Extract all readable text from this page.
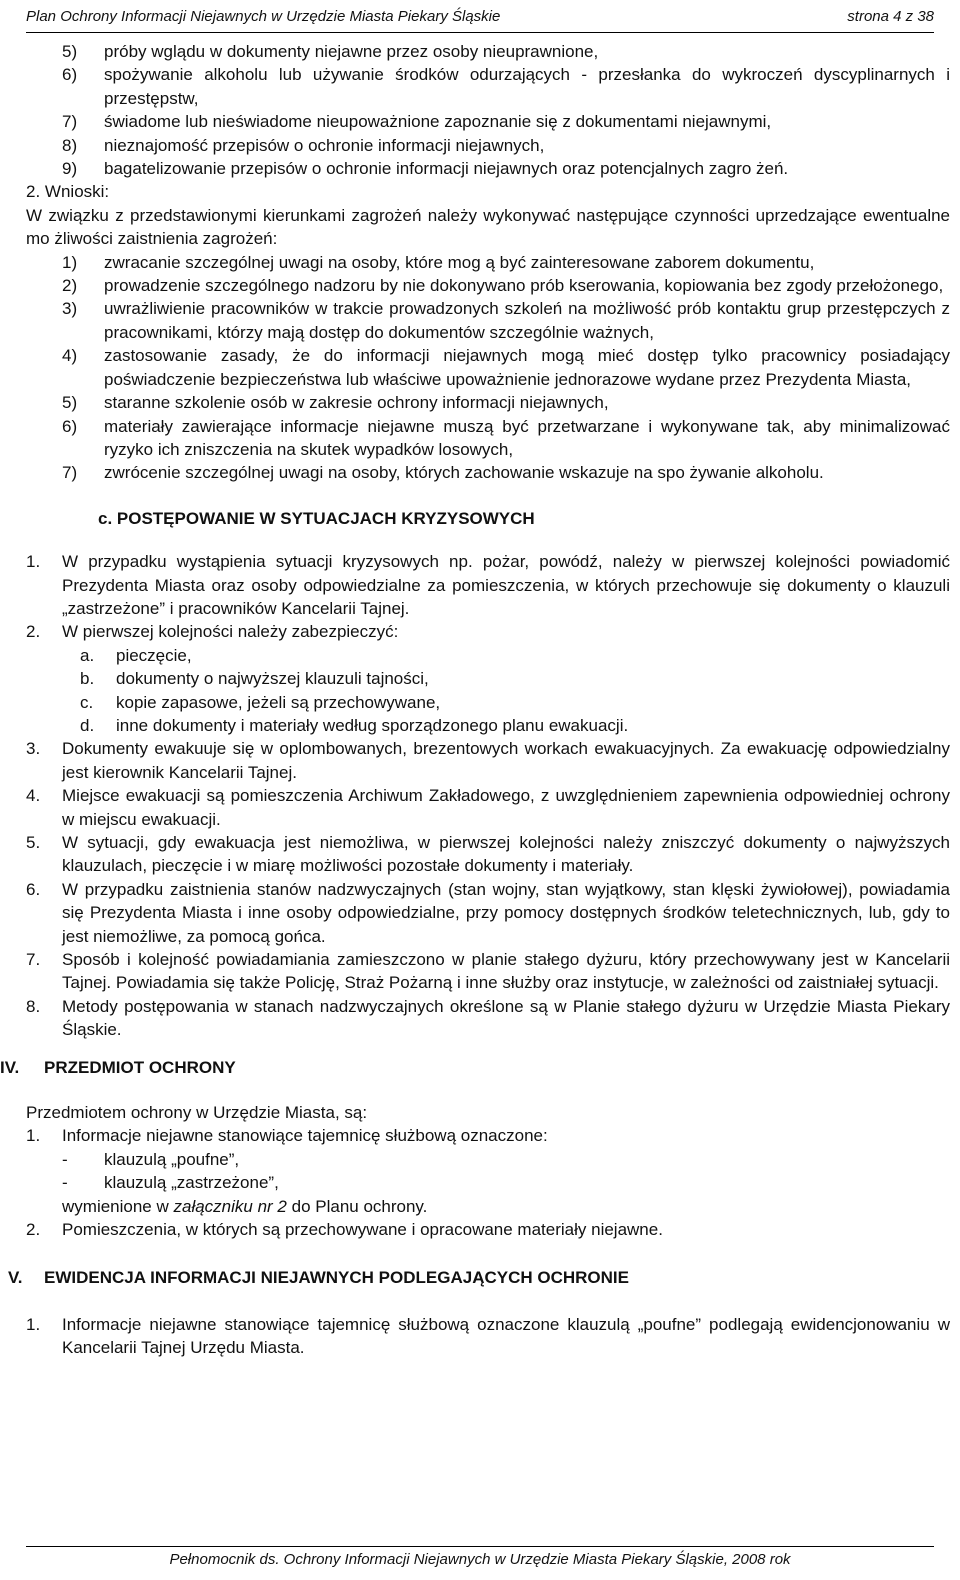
Plan Ochrony Informacji Niejawnych w Urzędzie Miasta Piekary Śląskie	strona 4 z 38
5) próby wglądu w dokumenty niejawne przez osoby nieuprawnione,
6) spożywanie alkoholu lub używanie środków odurzających - przesłanka do wykroczeń dyscyplinarnych i przestępstw,
7) świadome lub nieświadome nieupoważnione zapoznanie się z dokumentami niejawnymi,
8) nieznajomość przepisów o ochronie informacji niejawnych,
9) bagatelizowanie przepisów o ochronie informacji niejawnych oraz potencjalnych zagro żeń.
2. Wnioski:
W związku z przedstawionymi kierunkami zagrożeń należy wykonywać następujące czynności uprzedzające ewentualne mo żliwości zaistnienia zagrożeń:
1) zwracanie szczególnej uwagi na osoby, które mog ą być zainteresowane zaborem dokumentu,
2) prowadzenie szczególnego nadzoru by nie dokonywano prób kserowania, kopiowania bez zgody przełożonego,
3) uwrażliwienie pracowników w trakcie prowadzonych szkoleń na możliwość prób kontaktu grup przestępczych z pracownikami, którzy mają dostęp do dokumentów szczególnie ważnych,
4) zastosowanie zasady, że do informacji niejawnych mogą mieć dostęp tylko pracownicy posiadający poświadczenie bezpieczeństwa lub właściwe upoważnienie jednorazowe wydane przez Prezydenta Miasta,
5) staranne szkolenie osób w zakresie ochrony informacji niejawnych,
6) materiały zawierające informacje niejawne muszą być przetwarzane i wykonywane tak, aby minimalizować ryzyko ich zniszczenia na skutek wypadków losowych,
7) zwrócenie szczególnej uwagi na osoby, których zachowanie wskazuje na spo żywanie alkoholu.
c. POSTĘPOWANIE W SYTUACJACH KRYZYSOWYCH
1. W przypadku wystąpienia sytuacji kryzysowych np. pożar, powódź, należy w pierwszej kolejności powiadomić Prezydenta Miasta oraz osoby odpowiedzialne za pomieszczenia, w których przechowuje się dokumenty o klauzuli „zastrzeżone” i pracowników Kancelarii Tajnej.
2. W pierwszej kolejności należy zabezpieczyć:
a. pieczęcie,
b. dokumenty o najwyższej klauzuli tajności,
c. kopie zapasowe, jeżeli są przechowywane,
d. inne dokumenty i materiały według sporządzonego planu ewakuacji.
3. Dokumenty ewakuuje się w oplombowanych, brezentowych workach ewakuacyjnych. Za ewakuację odpowiedzialny jest kierownik Kancelarii Tajnej.
4. Miejsce ewakuacji są pomieszczenia Archiwum Zakładowego, z uwzględnieniem zapewnienia odpowiedniej ochrony w miejscu ewakuacji.
5. W sytuacji, gdy ewakuacja jest niemożliwa, w pierwszej kolejności należy zniszczyć dokumenty o najwyższych klauzulach, pieczęcie i w miarę możliwości pozostałe dokumenty i materiały.
6. W przypadku zaistnienia stanów nadzwyczajnych (stan wojny, stan wyjątkowy, stan klęski żywiołowej), powiadamia się Prezydenta Miasta i inne osoby odpowiedzialne, przy pomocy dostępnych środków teletechnicznych, lub, gdy to jest niemożliwe, za pomocą gońca.
7. Sposób i kolejność powiadamiania zamieszczono w planie stałego dyżuru, który przechowywany jest w Kancelarii Tajnej. Powiadamia się także Policję, Straż Pożarną i inne służby oraz instytucje, w zależności od zaistniałej sytuacji.
8. Metody postępowania w stanach nadzwyczajnych określone są w Planie stałego dyżuru w Urzędzie Miasta Piekary Śląskie.
IV. PRZEDMIOT OCHRONY
Przedmiotem ochrony w Urzędzie Miasta, są:
1. Informacje niejawne stanowiące tajemnicę służbową oznaczone:
- klauzulą „poufne”,
- klauzulą „zastrzeżone”,
wymienione w załączniku nr 2 do Planu ochrony.
2. Pomieszczenia, w których są przechowywane i opracowane materiały niejawne.
V. EWIDENCJA INFORMACJI NIEJAWNYCH PODLEGAJĄCYCH OCHRONIE
1. Informacje niejawne stanowiące tajemnicę służbową oznaczone klauzulą „poufne” podlegają ewidencjonowaniu w Kancelarii Tajnej Urzędu Miasta.
Pełnomocnik ds. Ochrony Informacji Niejawnych w Urzędzie Miasta Piekary Śląskie, 2008 rok
